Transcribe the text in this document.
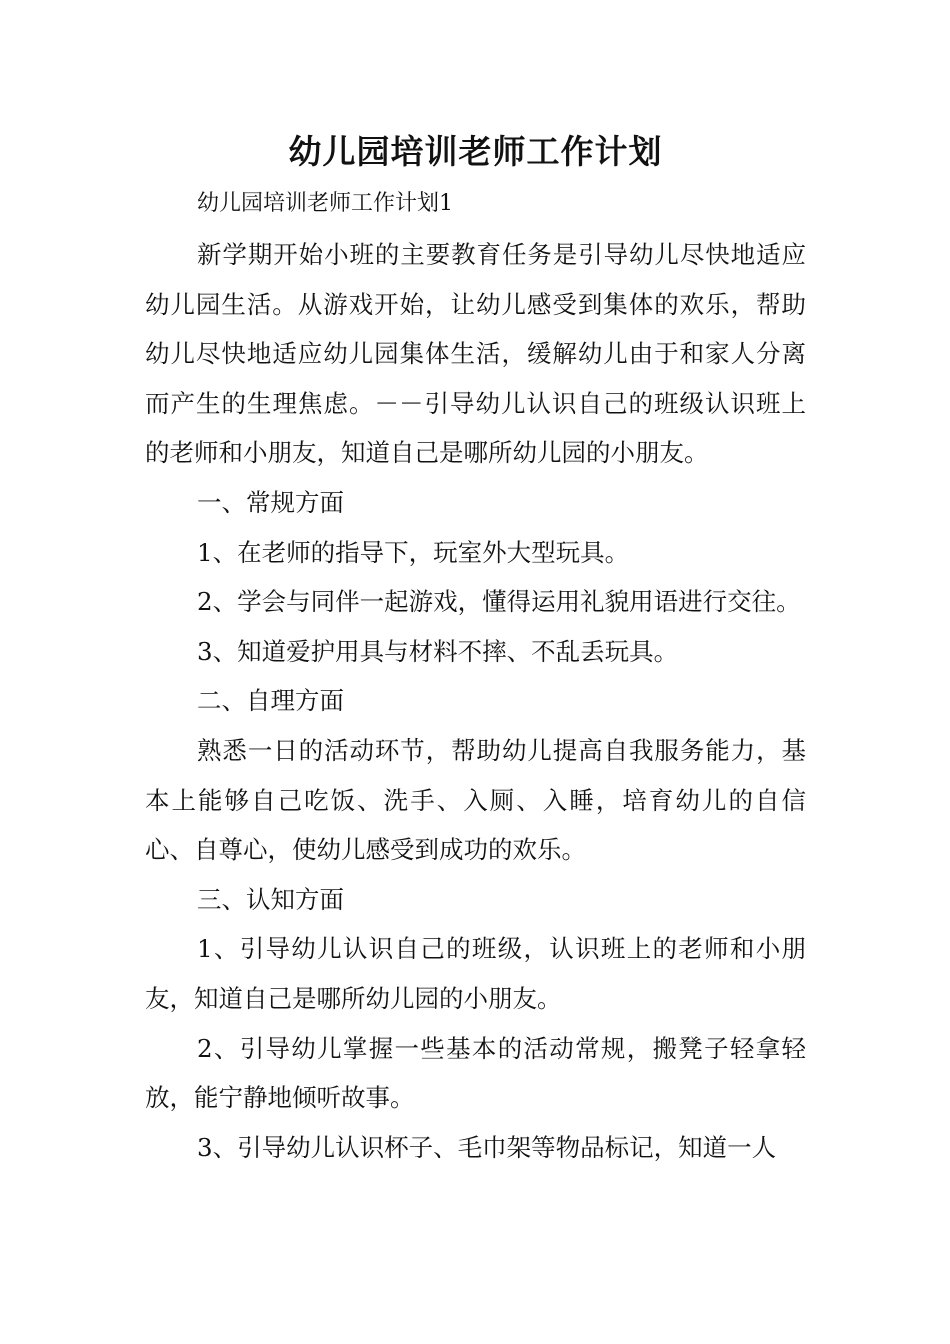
幼儿园培训老师工作计划

幼儿园培训老师工作计划1

新学期开始小班的主要教育任务是引导幼儿尽快地适应幼儿园生活。从游戏开始，让幼儿感受到集体的欢乐，帮助幼儿尽快地适应幼儿园集体生活，缓解幼儿由于和家人分离而产生的生理焦虑。－－引导幼儿认识自己的班级认识班上的老师和小朋友，知道自己是哪所幼儿园的小朋友。

一、常规方面

1、在老师的指导下，玩室外大型玩具。

2、学会与同伴一起游戏，懂得运用礼貌用语进行交往。

3、知道爱护用具与材料不摔、不乱丢玩具。

二、自理方面

熟悉一日的活动环节，帮助幼儿提高自我服务能力，基本上能够自己吃饭、洗手、入厕、入睡，培育幼儿的自信心、自尊心，使幼儿感受到成功的欢乐。

三、认知方面

1、引导幼儿认识自己的班级，认识班上的老师和小朋友，知道自己是哪所幼儿园的小朋友。

2、引导幼儿掌握一些基本的活动常规，搬凳子轻拿轻放，能宁静地倾听故事。

3、引导幼儿认识杯子、毛巾架等物品标记，知道一人
